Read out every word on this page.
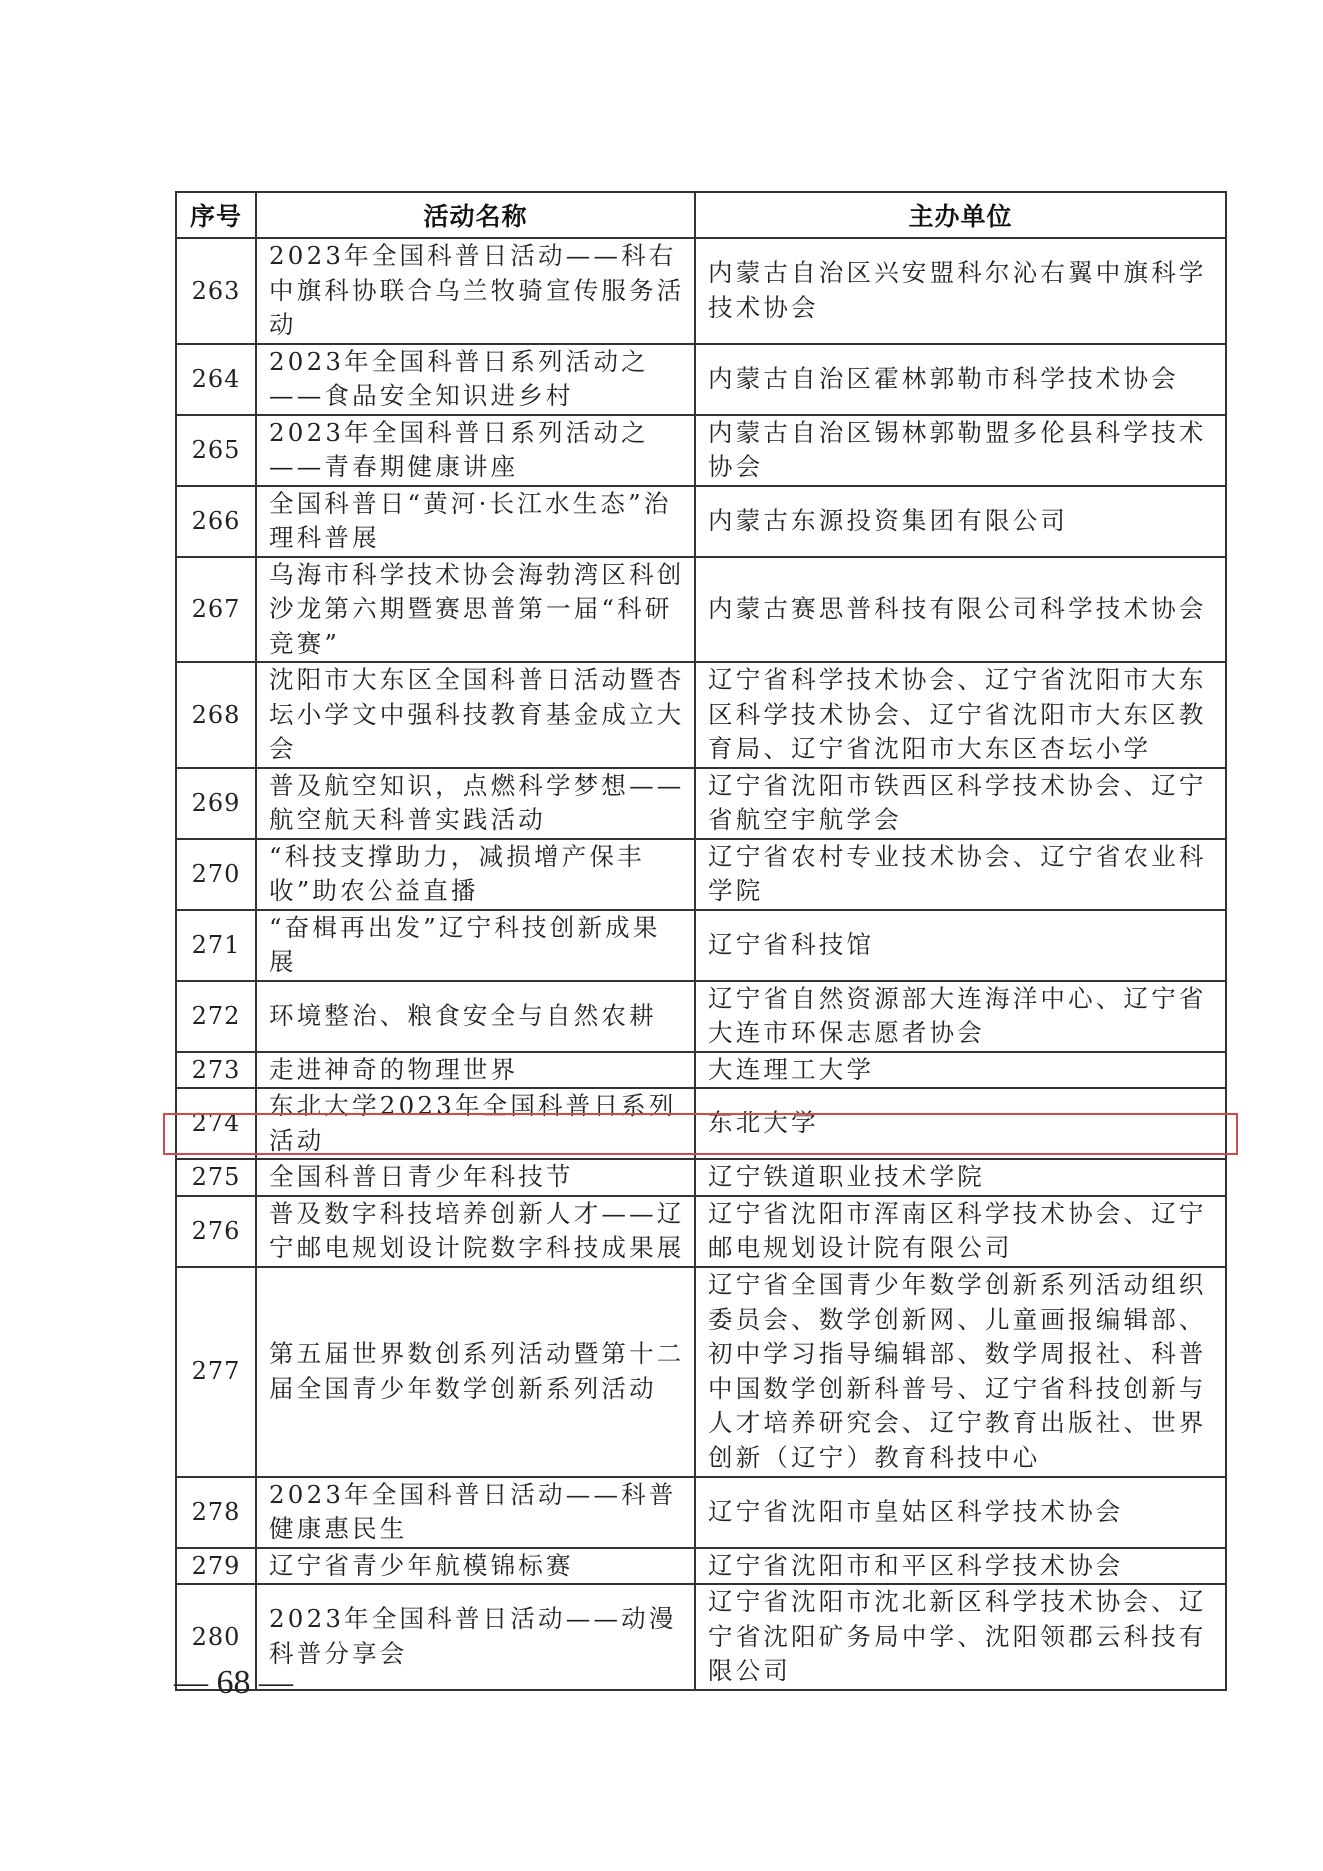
序号	活动名称	主办单位
263	2023年全国科普日活动——科右中旗科协联合乌兰牧骑宣传服务活动	内蒙古自治区兴安盟科尔沁右翼中旗科学技术协会
264	2023年全国科普日系列活动之——食品安全知识进乡村	内蒙古自治区霍林郭勒市科学技术协会
265	2023年全国科普日系列活动之——青春期健康讲座	内蒙古自治区锡林郭勒盟多伦县科学技术协会
266	全国科普日“黄河·长江水生态”治理科普展	内蒙古东源投资集团有限公司
267	乌海市科学技术协会海勃湾区科创沙龙第六期暨赛思普第一届“科研竞赛”	内蒙古赛思普科技有限公司科学技术协会
268	沈阳市大东区全国科普日活动暨杏坛小学文中强科技教育基金成立大会	辽宁省科学技术协会、辽宁省沈阳市大东区科学技术协会、辽宁省沈阳市大东区教育局、辽宁省沈阳市大东区杏坛小学
269	普及航空知识，点燃科学梦想——航空航天科普实践活动	辽宁省沈阳市铁西区科学技术协会、辽宁省航空宇航学会
270	“科技支撑助力，减损增产保丰收”助农公益直播	辽宁省农村专业技术协会、辽宁省农业科学院
271	“奋楫再出发”辽宁科技创新成果展	辽宁省科技馆
272	环境整治、粮食安全与自然农耕	辽宁省自然资源部大连海洋中心、辽宁省大连市环保志愿者协会
273	走进神奇的物理世界	大连理工大学
274	东北大学2023年全国科普日系列活动	东北大学
275	全国科普日青少年科技节	辽宁铁道职业技术学院
276	普及数字科技培养创新人才——辽宁邮电规划设计院数字科技成果展	辽宁省沈阳市浑南区科学技术协会、辽宁邮电规划设计院有限公司
277	第五届世界数创系列活动暨第十二届全国青少年数学创新系列活动	辽宁省全国青少年数学创新系列活动组织委员会、数学创新网、儿童画报编辑部、初中学习指导编辑部、数学周报社、科普中国数学创新科普号、辽宁省科技创新与人才培养研究会、辽宁教育出版社、世界创新（辽宁）教育科技中心
278	2023年全国科普日活动——科普健康惠民生	辽宁省沈阳市皇姑区科学技术协会
279	辽宁省青少年航模锦标赛	辽宁省沈阳市和平区科学技术协会
280	2023年全国科普日活动——动漫科普分享会	辽宁省沈阳市沈北新区科学技术协会、辽宁省沈阳矿务局中学、沈阳领郡云科技有限公司
— 68 —
